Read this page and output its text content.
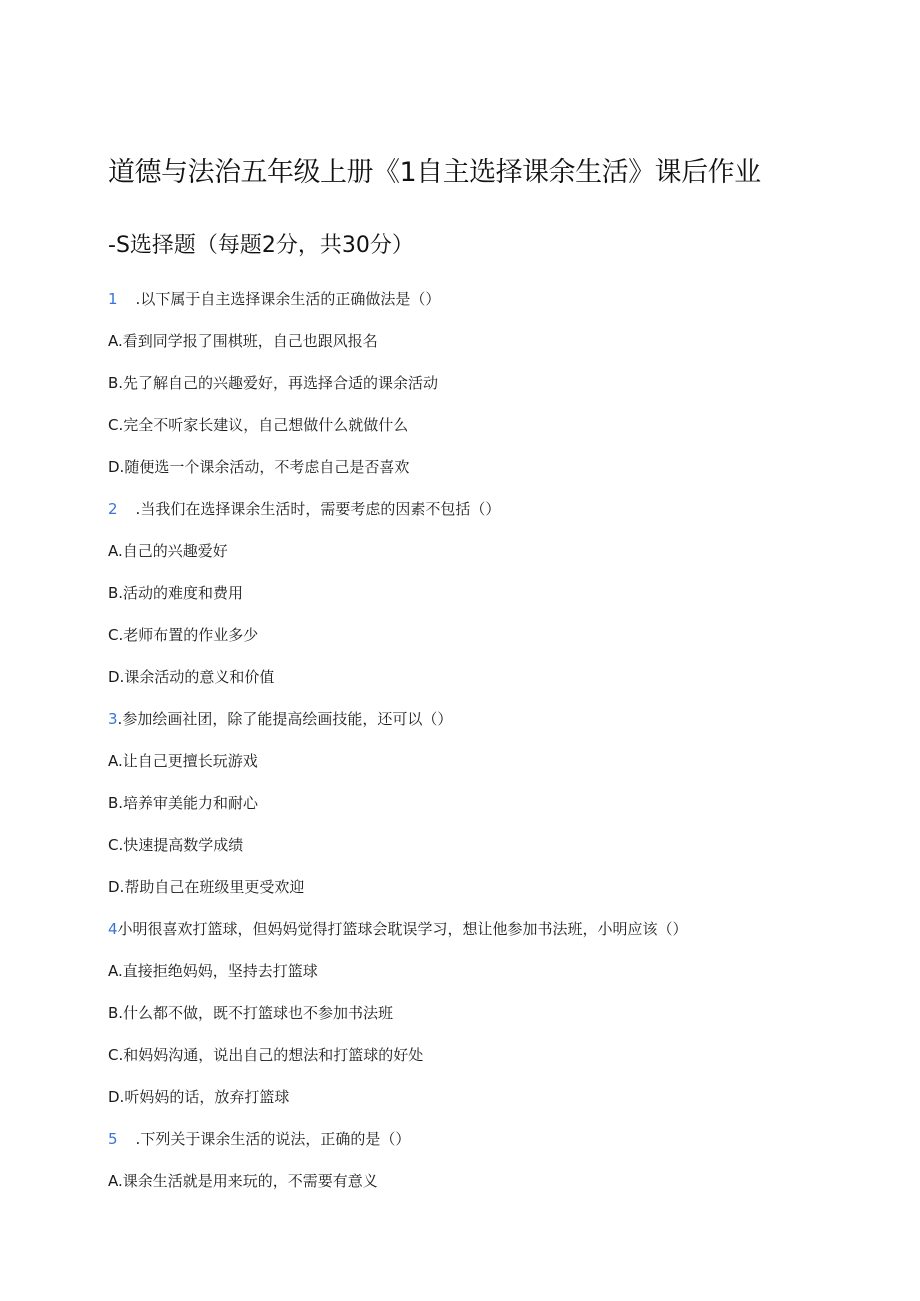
道德与法治五年级上册《1自主选择课余生活》课后作业
-S选择题（每题2分，共30分）
1 .以下属于自主选择课余生活的正确做法是（）
A.看到同学报了围棋班，自己也跟风报名
B.先了解自己的兴趣爱好，再选择合适的课余活动
C.完全不听家长建议，自己想做什么就做什么
D.随便选一个课余活动，不考虑自己是否喜欢
2 .当我们在选择课余生活时，需要考虑的因素不包括（）
A.自己的兴趣爱好
B.活动的难度和费用
C.老师布置的作业多少
D.课余活动的意义和价值
3.参加绘画社团，除了能提高绘画技能，还可以（）
A.让自己更擅长玩游戏
B.培养审美能力和耐心
C.快速提高数学成绩
D.帮助自己在班级里更受欢迎
4小明很喜欢打篮球，但妈妈觉得打篮球会耽误学习，想让他参加书法班，小明应该（）
A.直接拒绝妈妈，坚持去打篮球
B.什么都不做，既不打篮球也不参加书法班
C.和妈妈沟通，说出自己的想法和打篮球的好处
D.听妈妈的话，放弃打篮球
5 .下列关于课余生活的说法，正确的是（）
A.课余生活就是用来玩的，不需要有意义
